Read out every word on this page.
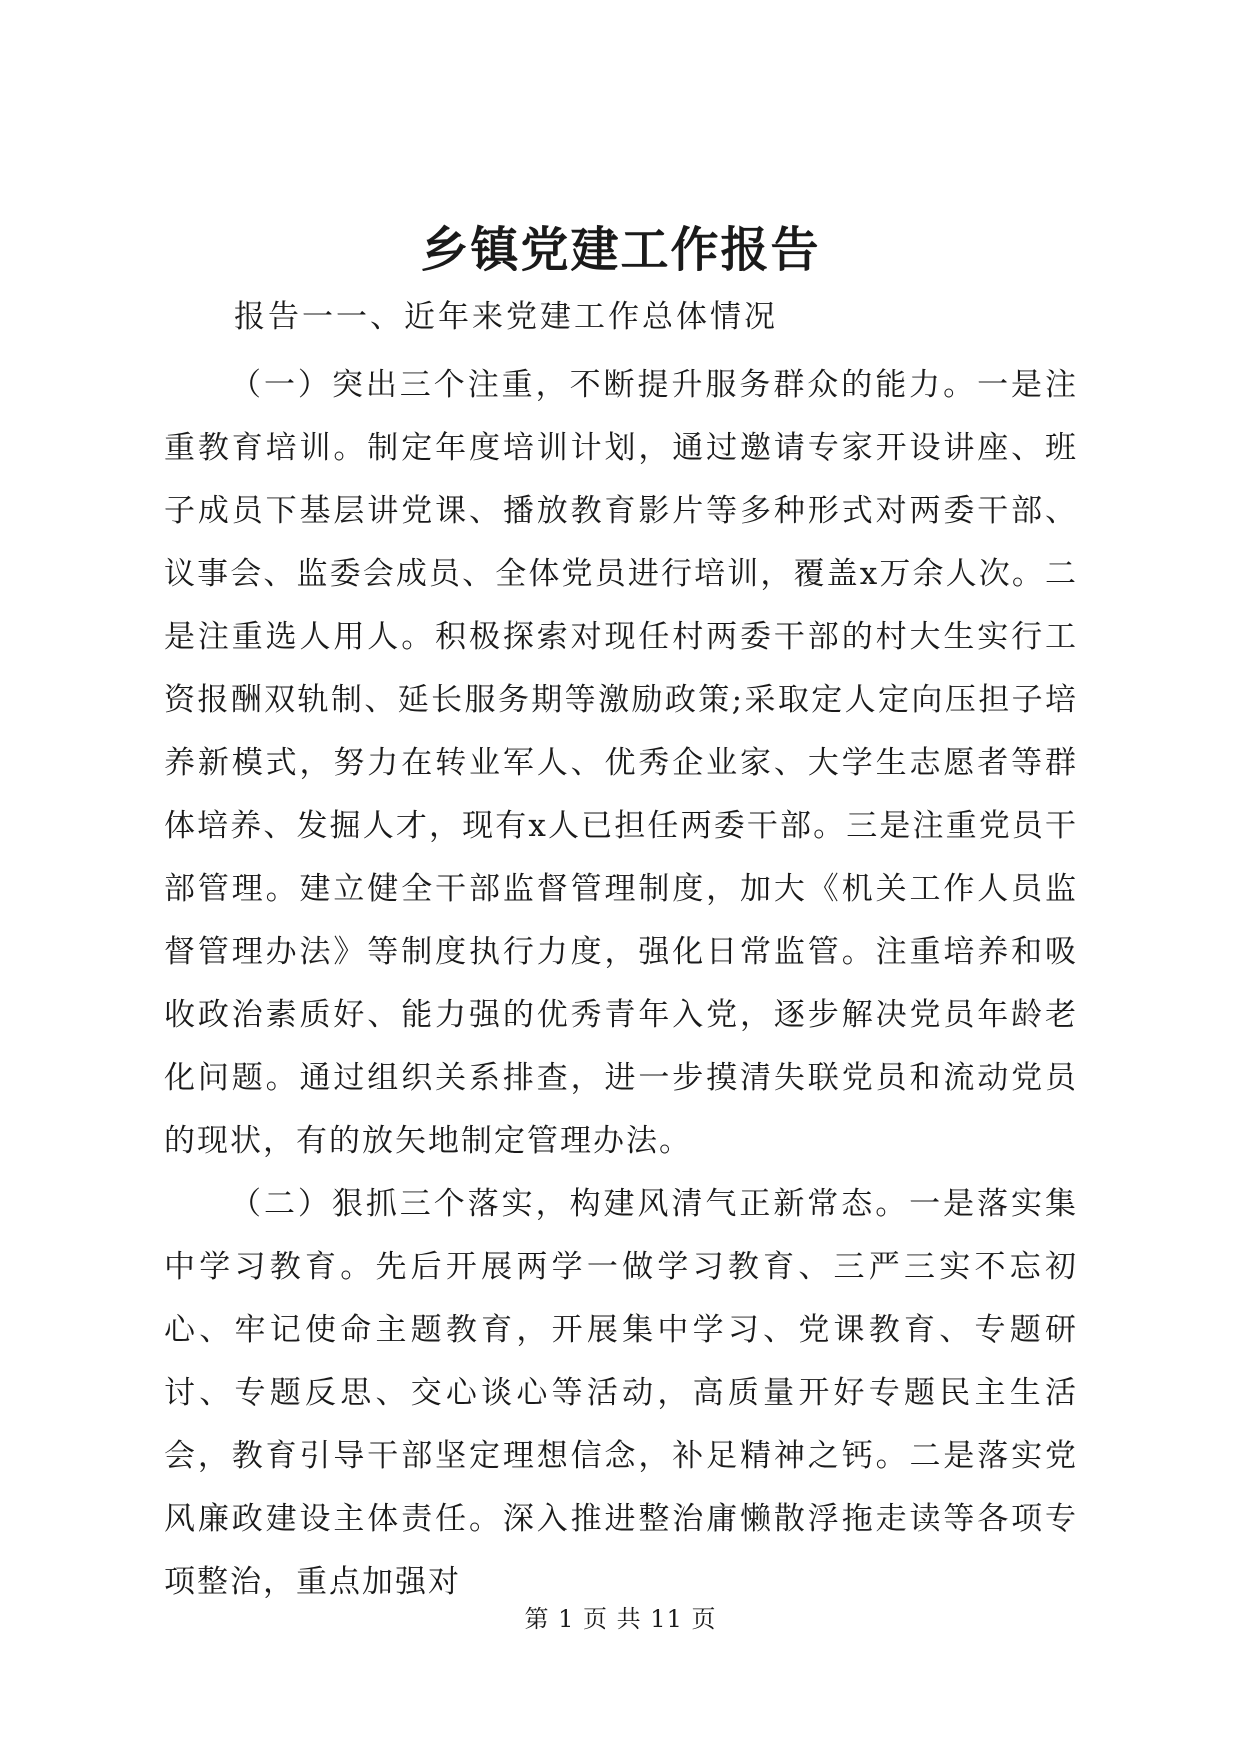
乡镇党建工作报告

报告一一、近年来党建工作总体情况

（一）突出三个注重，不断提升服务群众的能力。一是注重教育培训。制定年度培训计划，通过邀请专家开设讲座、班子成员下基层讲党课、播放教育影片等多种形式对两委干部、议事会、监委会成员、全体党员进行培训，覆盖x万余人次。二是注重选人用人。积极探索对现任村两委干部的村大生实行工资报酬双轨制、延长服务期等激励政策;采取定人定向压担子培养新模式，努力在转业军人、优秀企业家、大学生志愿者等群体培养、发掘人才，现有x人已担任两委干部。三是注重党员干部管理。建立健全干部监督管理制度，加大《机关工作人员监督管理办法》等制度执行力度，强化日常监管。注重培养和吸收政治素质好、能力强的优秀青年入党，逐步解决党员年龄老化问题。通过组织关系排查，进一步摸清失联党员和流动党员的现状，有的放矢地制定管理办法。

（二）狠抓三个落实，构建风清气正新常态。一是落实集中学习教育。先后开展两学一做学习教育、三严三实不忘初心、牢记使命主题教育，开展集中学习、党课教育、专题研讨、专题反思、交心谈心等活动，高质量开好专题民主生活会，教育引导干部坚定理想信念，补足精神之钙。二是落实党风廉政建设主体责任。深入推进整治庸懒散浮拖走读等各项专项整治，重点加强对

第 1 页 共 11 页
